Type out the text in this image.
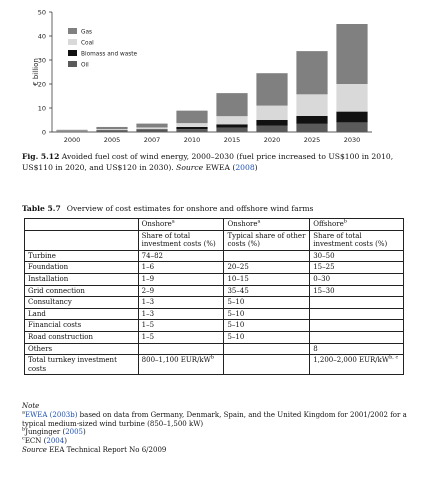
0
10
20
30
40
50
€ billion
2000	2005	2007	2010	2015	2020	2025	2030
Gas
Coal
Biomass and waste
Oil
Fig. 5.12 Avoided fuel cost of wind energy, 2000–2030 (fuel price increased to US$100 in 2010, US$110 in 2020, and US$120 in 2030). Source EWEA (2008)
Table 5.7 Overview of cost estimates for onshore and offshore wind farms
	Onshore$^a$	Onshore$^a$	Offshore$^b$
	Share of total investment costs (%)	Typical share of other costs (%)	Share of total investment costs (%)
Turbine	74–82		30–50
Foundation	1–6	20–25	15–25
Installation	1–9	10–15	0–30
Grid connection	2–9	35–45	15–30
Consultancy	1–3	5–10	
Land	1–3	5–10	
Financial costs	1–5	5–10	
Road construction	1–5	5–10	
Others			8
Total turnkey investment costs	800–1,100 EUR/$kW^b$		1,200–2,000 EUR/kW$^{b, c}$
Note
$^a$EWEA (2003b) based on data from Germany, Denmark, Spain, and the United Kingdom for 2001/2002 for a typical medium-sized wind turbine (850–1,500 kW)
$^b$Junginger (2005)
$^c$ECN (2004)
Source EEA Technical Report No 6/2009
